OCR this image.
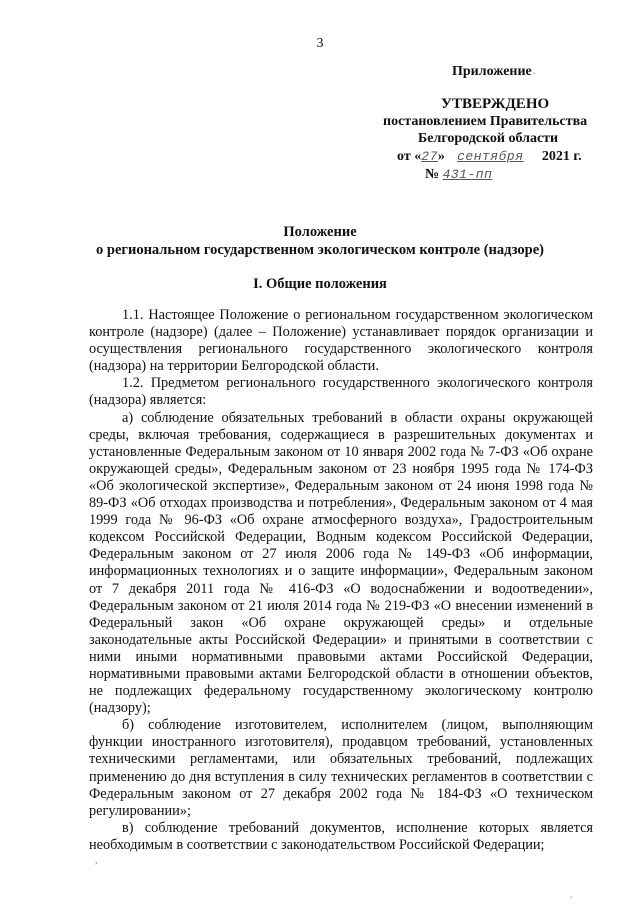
3
Приложение .
УТВЕРЖДЕНО
постановлением Правительства
Белгородской области
от «27» сентября 2021 г.
№ 431-пп
Положение
о региональном государственном экологическом контроле (надзоре)
I. Общие положения

1.1. Настоящее Положение о региональном государственном экологическом контроле (надзоре) (далее – Положение) устанавливает порядок организации и осуществления регионального государственного экологического контроля (надзора) на территории Белгородской области.

1.2. Предметом регионального государственного экологического контроля (надзора) является:

а) соблюдение обязательных требований в области охраны окружающей среды, включая требования, содержащиеся в разрешительных документах и установленные Федеральным законом от 10 января 2002 года № 7-ФЗ «Об охране окружающей среды», Федеральным законом от 23 ноября 1995 года № 174-ФЗ «Об экологической экспертизе», Федеральным законом от 24 июня 1998 года № 89-ФЗ «Об отходах производства и потребления», Федеральным законом от 4 мая 1999 года № 96-ФЗ «Об охране атмосферного воздуха», Градостроительным кодексом Российской Федерации, Водным кодексом Российской Федерации, Федеральным законом от 27 июля 2006 года № 149-ФЗ «Об информации, информационных технологиях и о защите информации», Федеральным законом от 7 декабря 2011 года № 416-ФЗ «О водоснабжении и водоотведении», Федеральным законом от 21 июля 2014 года № 219-ФЗ «О внесении изменений в Федеральный закон «Об охране окружающей среды» и отдельные законодательные акты Российской Федерации» и принятыми в соответствии с ними иными нормативными правовыми актами Российской Федерации, нормативными правовыми актами Белгородской области в отношении объектов, не подлежащих федеральному государственному экологическому контролю (надзору);

б) соблюдение изготовителем, исполнителем (лицом, выполняющим функции иностранного изготовителя), продавцом требований, установленных техническими регламентами, или обязательных требований, подлежащих применению до дня вступления в силу технических регламентов в соответствии с Федеральным законом от 27 декабря 2002 года № 184-ФЗ «О техническом регулировании»;

в) соблюдение требований документов, исполнение которых является необходимым в соответствии с законодательством Российской Федерации;

,
.
